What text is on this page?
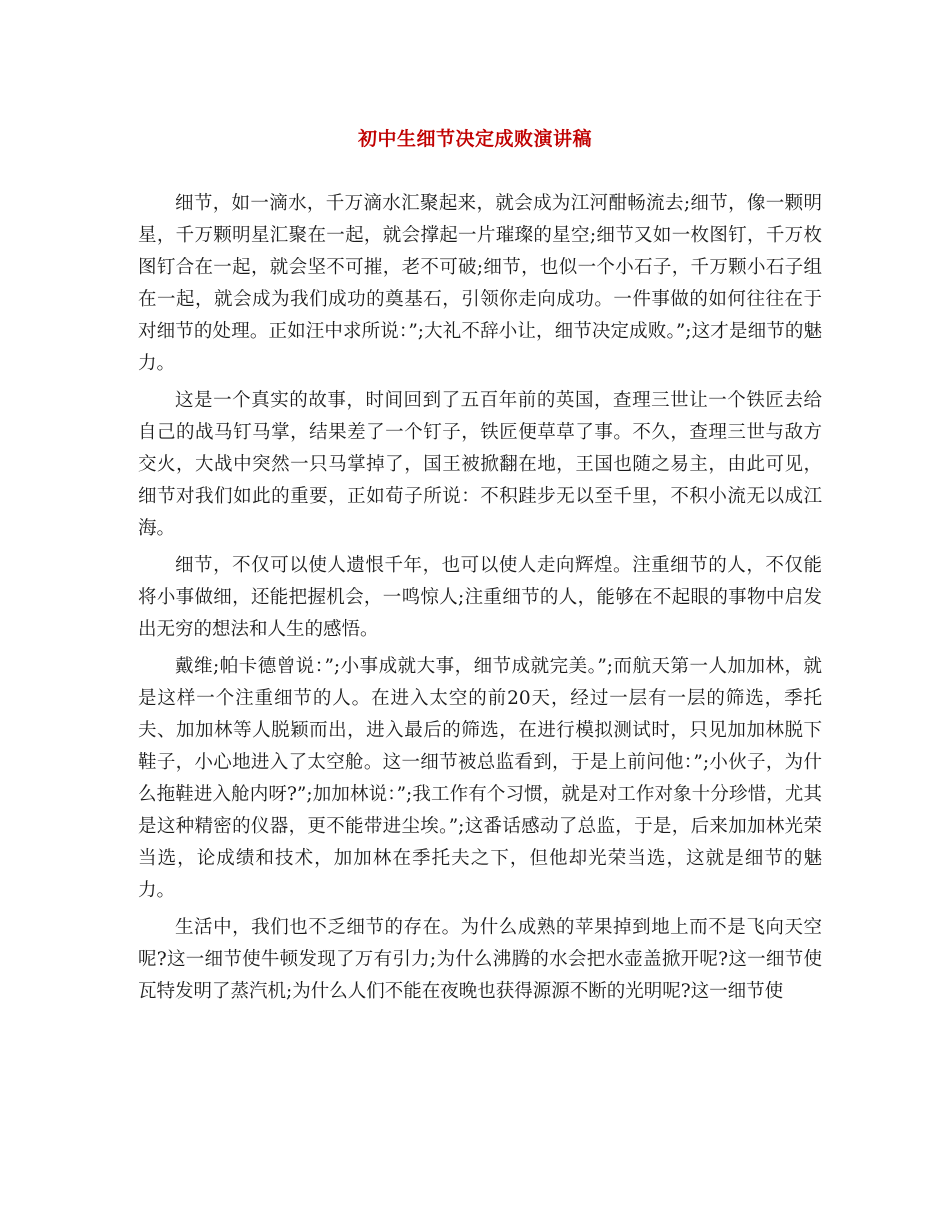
初中生细节决定成败演讲稿

细节，如一滴水，千万滴水汇聚起来，就会成为江河酣畅流去;细节，像一颗明星，千万颗明星汇聚在一起，就会撑起一片璀璨的星空;细节又如一枚图钉，千万枚图钉合在一起，就会坚不可摧，老不可破;细节，也似一个小石子，千万颗小石子组在一起，就会成为我们成功的奠基石，引领你走向成功。一件事做的如何往往在于对细节的处理。正如汪中求所说：”;大礼不辞小让，细节决定成败。”;这才是细节的魅力。

这是一个真实的故事，时间回到了五百年前的英国，查理三世让一个铁匠去给自己的战马钉马掌，结果差了一个钉子，铁匠便草草了事。不久，查理三世与敌方交火，大战中突然一只马掌掉了，国王被掀翻在地，王国也随之易主，由此可见，细节对我们如此的重要，正如荀子所说：不积跬步无以至千里，不积小流无以成江海。

细节，不仅可以使人遗恨千年，也可以使人走向辉煌。注重细节的人，不仅能将小事做细，还能把握机会，一鸣惊人;注重细节的人，能够在不起眼的事物中启发出无穷的想法和人生的感悟。

戴维;帕卡德曾说：”;小事成就大事，细节成就完美。”;而航天第一人加加林，就是这样一个注重细节的人。在进入太空的前20天，经过一层有一层的筛选，季托夫、加加林等人脱颖而出，进入最后的筛选，在进行模拟测试时，只见加加林脱下鞋子，小心地进入了太空舱。这一细节被总监看到，于是上前问他：”;小伙子，为什么拖鞋进入舱内呀?”;加加林说：”;我工作有个习惯，就是对工作对象十分珍惜，尤其是这种精密的仪器，更不能带进尘埃。”;这番话感动了总监，于是，后来加加林光荣当选，论成绩和技术，加加林在季托夫之下，但他却光荣当选，这就是细节的魅力。

生活中，我们也不乏细节的存在。为什么成熟的苹果掉到地上而不是飞向天空呢?这一细节使牛顿发现了万有引力;为什么沸腾的水会把水壶盖掀开呢?这一细节使瓦特发明了蒸汽机;为什么人们不能在夜晚也获得源源不断的光明呢?这一细节使
